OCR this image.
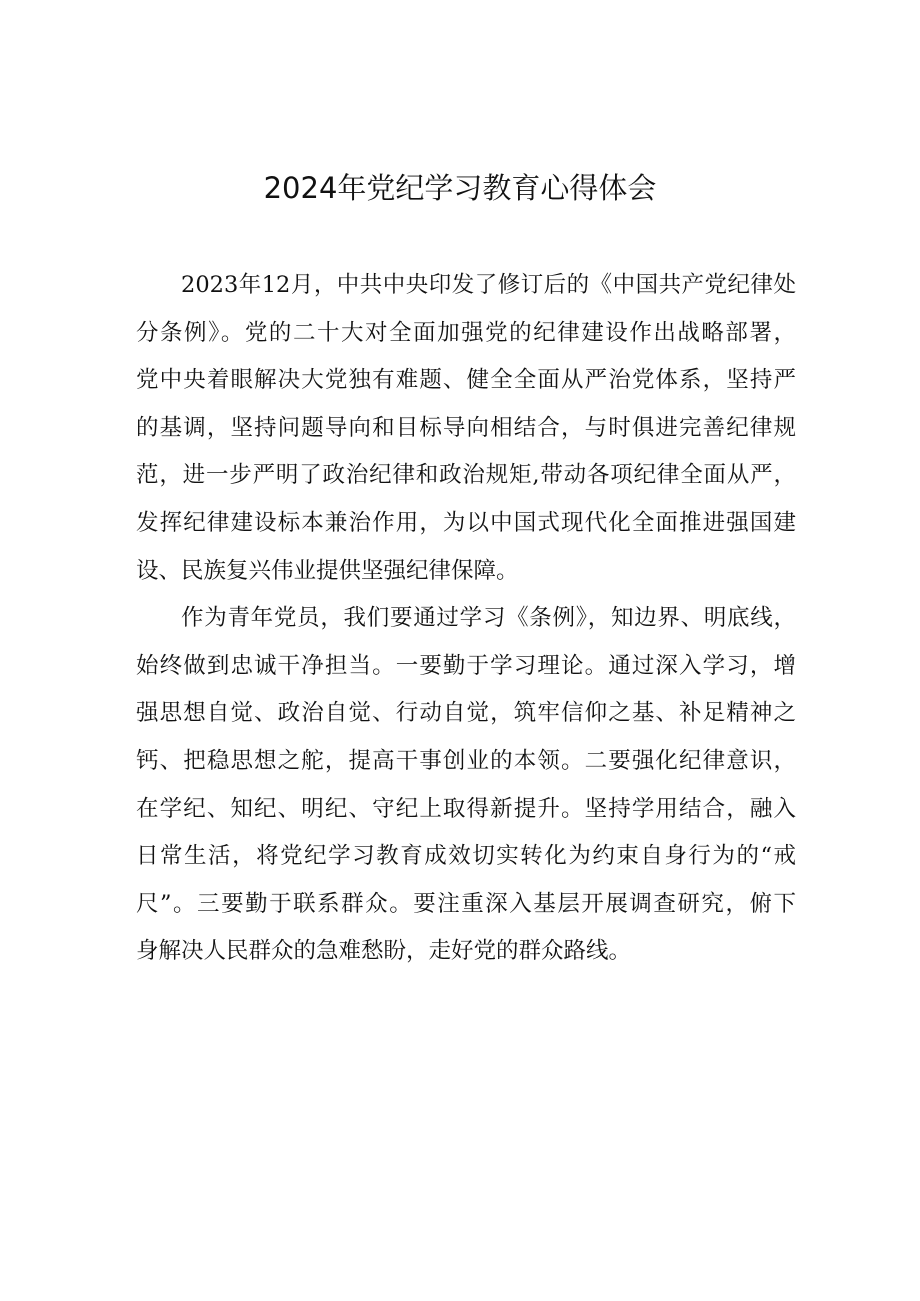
2024年党纪学习教育心得体会
2023年12月，中共中央印发了修订后的《中国共产党纪律处
分条例》。党的二十大对全面加强党的纪律建设作出战略部署，
党中央着眼解决大党独有难题、健全全面从严治党体系，坚持严
的基调，坚持问题导向和目标导向相结合，与时俱进完善纪律规
范，进一步严明了政治纪律和政治规矩,带动各项纪律全面从严，
发挥纪律建设标本兼治作用，为以中国式现代化全面推进强国建
设、民族复兴伟业提供坚强纪律保障。
作为青年党员，我们要通过学习《条例》，知边界、明底线，
始终做到忠诚干净担当。一要勤于学习理论。通过深入学习，增
强思想自觉、政治自觉、行动自觉，筑牢信仰之基、补足精神之
钙、把稳思想之舵，提高干事创业的本领。二要强化纪律意识，
在学纪、知纪、明纪、守纪上取得新提升。坚持学用结合，融入
日常生活，将党纪学习教育成效切实转化为约束自身行为的“戒
尺”。三要勤于联系群众。要注重深入基层开展调查研究，俯下
身解决人民群众的急难愁盼，走好党的群众路线。
